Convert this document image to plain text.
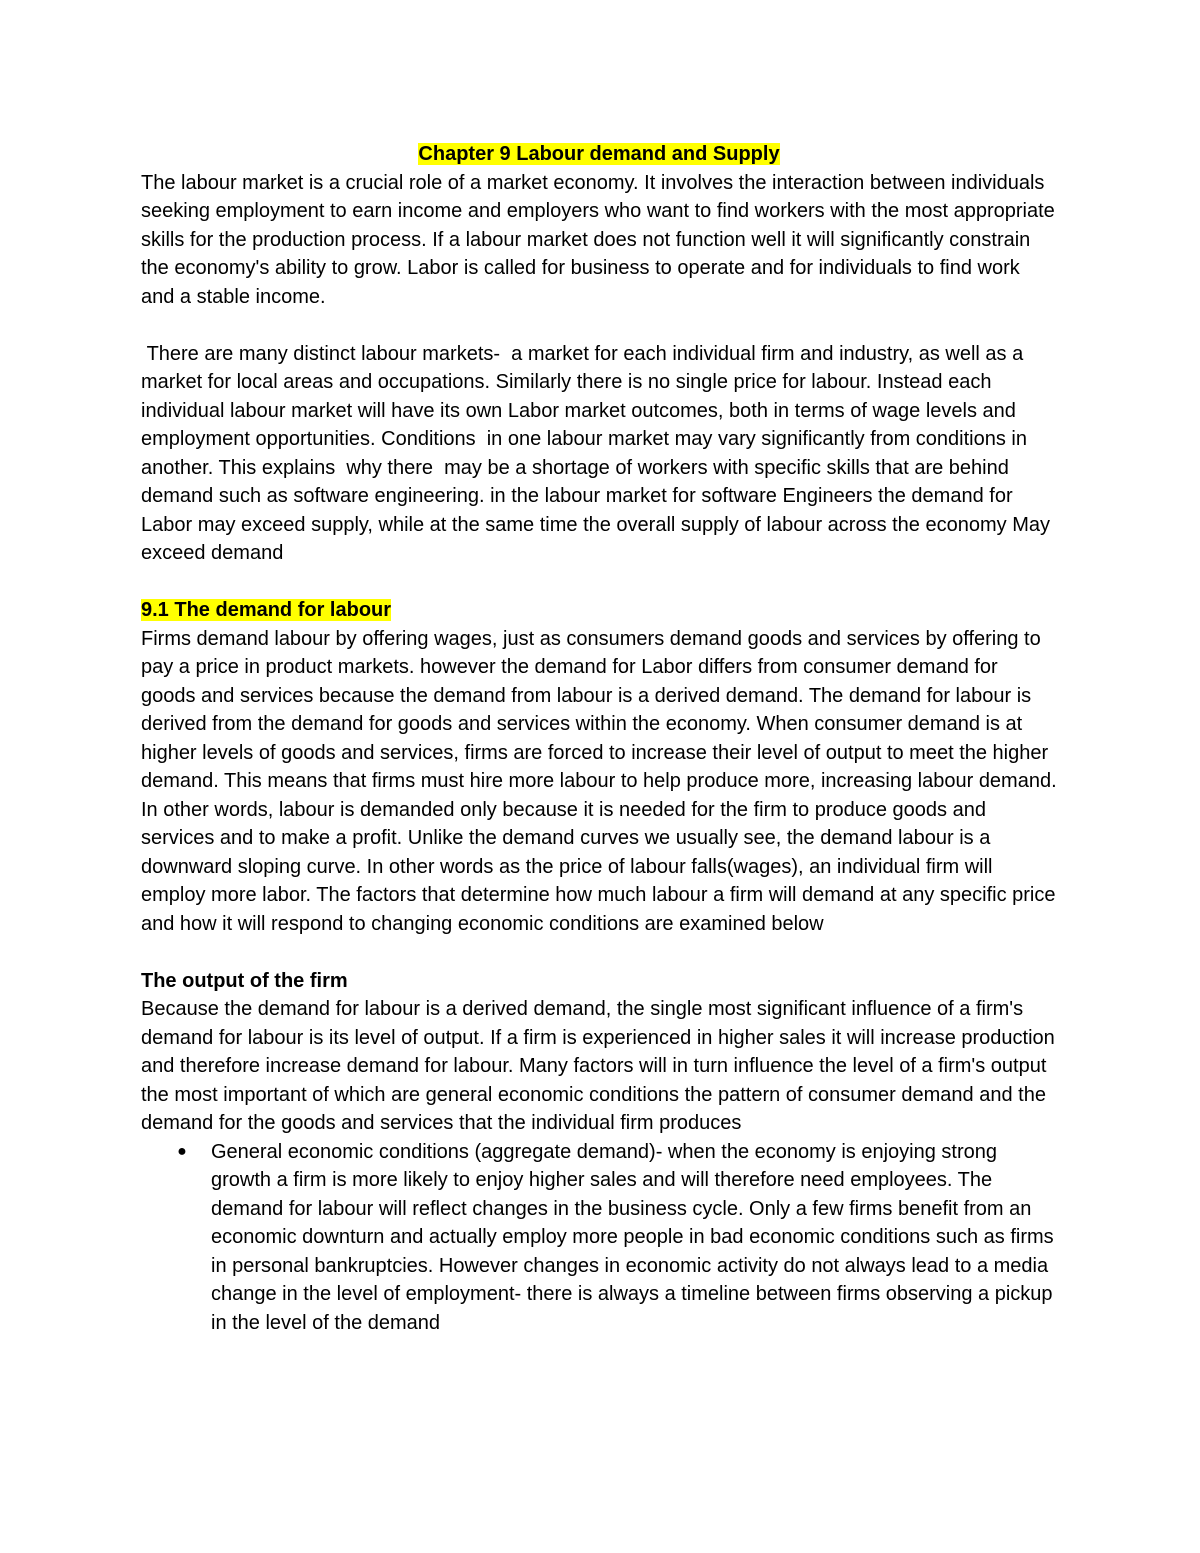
Chapter 9 Labour demand and Supply

The labour market is a crucial role of a market economy. It involves the interaction between individuals seeking employment to earn income and employers who want to find workers with the most appropriate skills for the production process. If a labour market does not function well it will significantly constrain the economy's ability to grow. Labor is called for business to operate and for individuals to find work and a stable income.

There are many distinct labour markets-  a market for each individual firm and industry, as well as a market for local areas and occupations. Similarly there is no single price for labour. Instead each individual labour market will have its own Labor market outcomes, both in terms of wage levels and employment opportunities. Conditions  in one labour market may vary significantly from conditions in another. This explains  why there  may be a shortage of workers with specific skills that are behind demand such as software engineering. in the labour market for software Engineers the demand for Labor may exceed supply, while at the same time the overall supply of labour across the economy May exceed demand

9.1 The demand for labour

Firms demand labour by offering wages, just as consumers demand goods and services by offering to pay a price in product markets. however the demand for Labor differs from consumer demand for goods and services because the demand from labour is a derived demand. The demand for labour is derived from the demand for goods and services within the economy. When consumer demand is at higher levels of goods and services, firms are forced to increase their level of output to meet the higher demand. This means that firms must hire more labour to help produce more, increasing labour demand. In other words, labour is demanded only because it is needed for the firm to produce goods and services and to make a profit. Unlike the demand curves we usually see, the demand labour is a downward sloping curve. In other words as the price of labour falls(wages), an individual firm will employ more labor. The factors that determine how much labour a firm will demand at any specific price and how it will respond to changing economic conditions are examined below

The output of the firm

Because the demand for labour is a derived demand, the single most significant influence of a firm's demand for labour is its level of output. If a firm is experienced in higher sales it will increase production and therefore increase demand for labour. Many factors will in turn influence the level of a firm's output the most important of which are general economic conditions the pattern of consumer demand and the demand for the goods and services that the individual firm produces

● General economic conditions (aggregate demand)- when the economy is enjoying strong growth a firm is more likely to enjoy higher sales and will therefore need employees. The demand for labour will reflect changes in the business cycle. Only a few firms benefit from an economic downturn and actually employ more people in bad economic conditions such as firms in personal bankruptcies. However changes in economic activity do not always lead to a media change in the level of employment- there is always a timeline between firms observing a pickup in the level of the demand
